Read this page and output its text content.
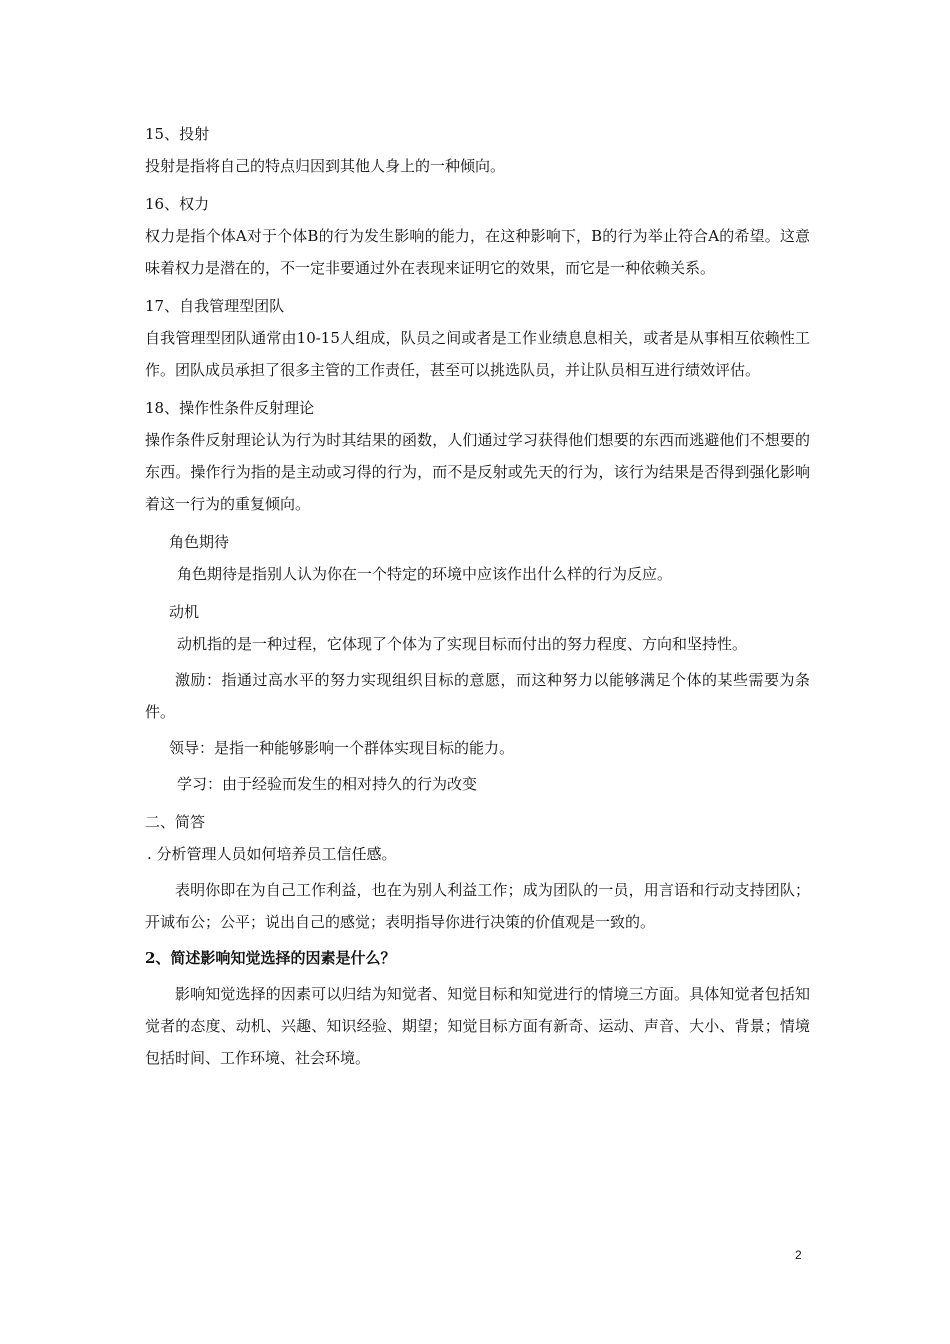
15、投射

投射是指将自己的特点归因到其他人身上的一种倾向。

16、权力

权力是指个体A对于个体B的行为发生影响的能力，在这种影响下，B的行为举止符合A的希望。这意味着权力是潜在的，不一定非要通过外在表现来证明它的效果，而它是一种依赖关系。

17、自我管理型团队

自我管理型团队通常由10-15人组成，队员之间或者是工作业绩息息相关，或者是从事相互依赖性工作。团队成员承担了很多主管的工作责任，甚至可以挑选队员，并让队员相互进行绩效评估。

18、操作性条件反射理论

操作条件反射理论认为行为时其结果的函数，人们通过学习获得他们想要的东西而逃避他们不想要的东西。操作行为指的是主动或习得的行为，而不是反射或先天的行为，该行为结果是否得到强化影响着这一行为的重复倾向。

角色期待

角色期待是指别人认为你在一个特定的环境中应该作出什么样的行为反应。

动机

动机指的是一种过程，它体现了个体为了实现目标而付出的努力程度、方向和坚持性。

激励：指通过高水平的努力实现组织目标的意愿，而这种努力以能够满足个体的某些需要为条件。

领导：是指一种能够影响一个群体实现目标的能力。

学习：由于经验而发生的相对持久的行为改变

二、简答

. 分析管理人员如何培养员工信任感。

表明你即在为自己工作利益，也在为别人利益工作；成为团队的一员，用言语和行动支持团队；开诚布公；公平；说出自己的感觉；表明指导你进行决策的价值观是一致的。

2、简述影响知觉选择的因素是什么？

影响知觉选择的因素可以归结为知觉者、知觉目标和知觉进行的情境三方面。具体知觉者包括知觉者的态度、动机、兴趣、知识经验、期望；知觉目标方面有新奇、运动、声音、大小、背景；情境包括时间、工作环境、社会环境。

2
